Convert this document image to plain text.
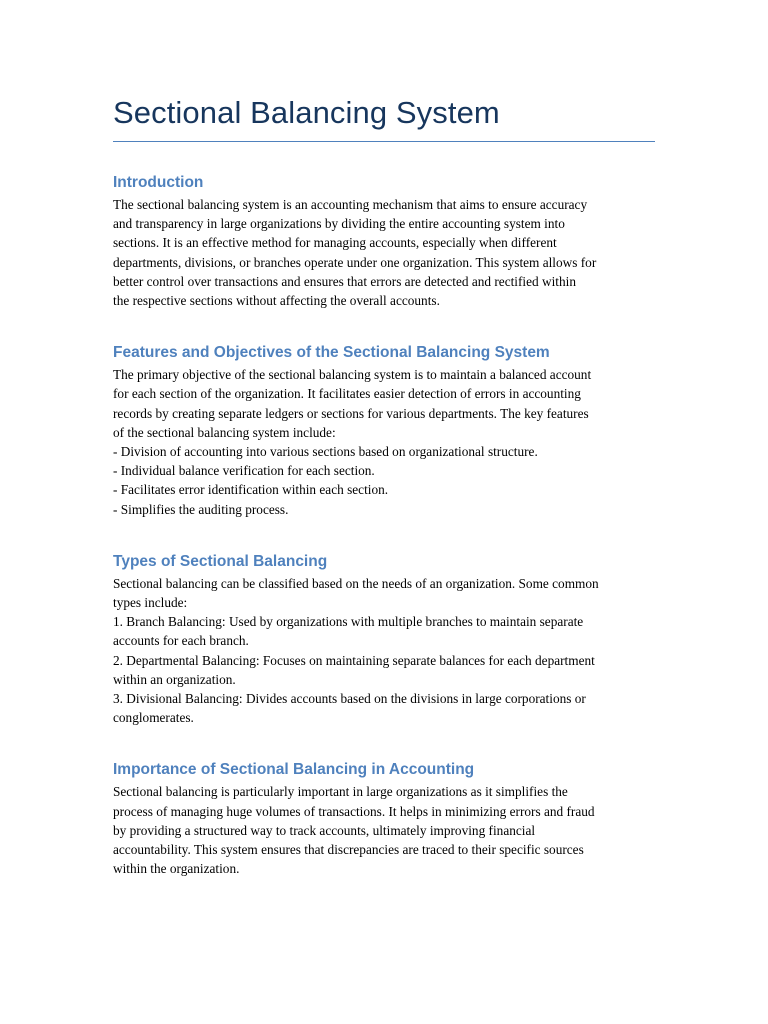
Sectional Balancing System
Introduction

The sectional balancing system is an accounting mechanism that aims to ensure accuracy
and transparency in large organizations by dividing the entire accounting system into
sections. It is an effective method for managing accounts, especially when different
departments, divisions, or branches operate under one organization. This system allows for
better control over transactions and ensures that errors are detected and rectified within
the respective sections without affecting the overall accounts.

Features and Objectives of the Sectional Balancing System

The primary objective of the sectional balancing system is to maintain a balanced account
for each section of the organization. It facilitates easier detection of errors in accounting
records by creating separate ledgers or sections for various departments. The key features
of the sectional balancing system include:
- Division of accounting into various sections based on organizational structure.
- Individual balance verification for each section.
- Facilitates error identification within each section.
- Simplifies the auditing process.

Types of Sectional Balancing

Sectional balancing can be classified based on the needs of an organization. Some common
types include:
1. Branch Balancing: Used by organizations with multiple branches to maintain separate
accounts for each branch.
2. Departmental Balancing: Focuses on maintaining separate balances for each department
within an organization.
3. Divisional Balancing: Divides accounts based on the divisions in large corporations or
conglomerates.

Importance of Sectional Balancing in Accounting

Sectional balancing is particularly important in large organizations as it simplifies the
process of managing huge volumes of transactions. It helps in minimizing errors and fraud
by providing a structured way to track accounts, ultimately improving financial
accountability. This system ensures that discrepancies are traced to their specific sources
within the organization.
